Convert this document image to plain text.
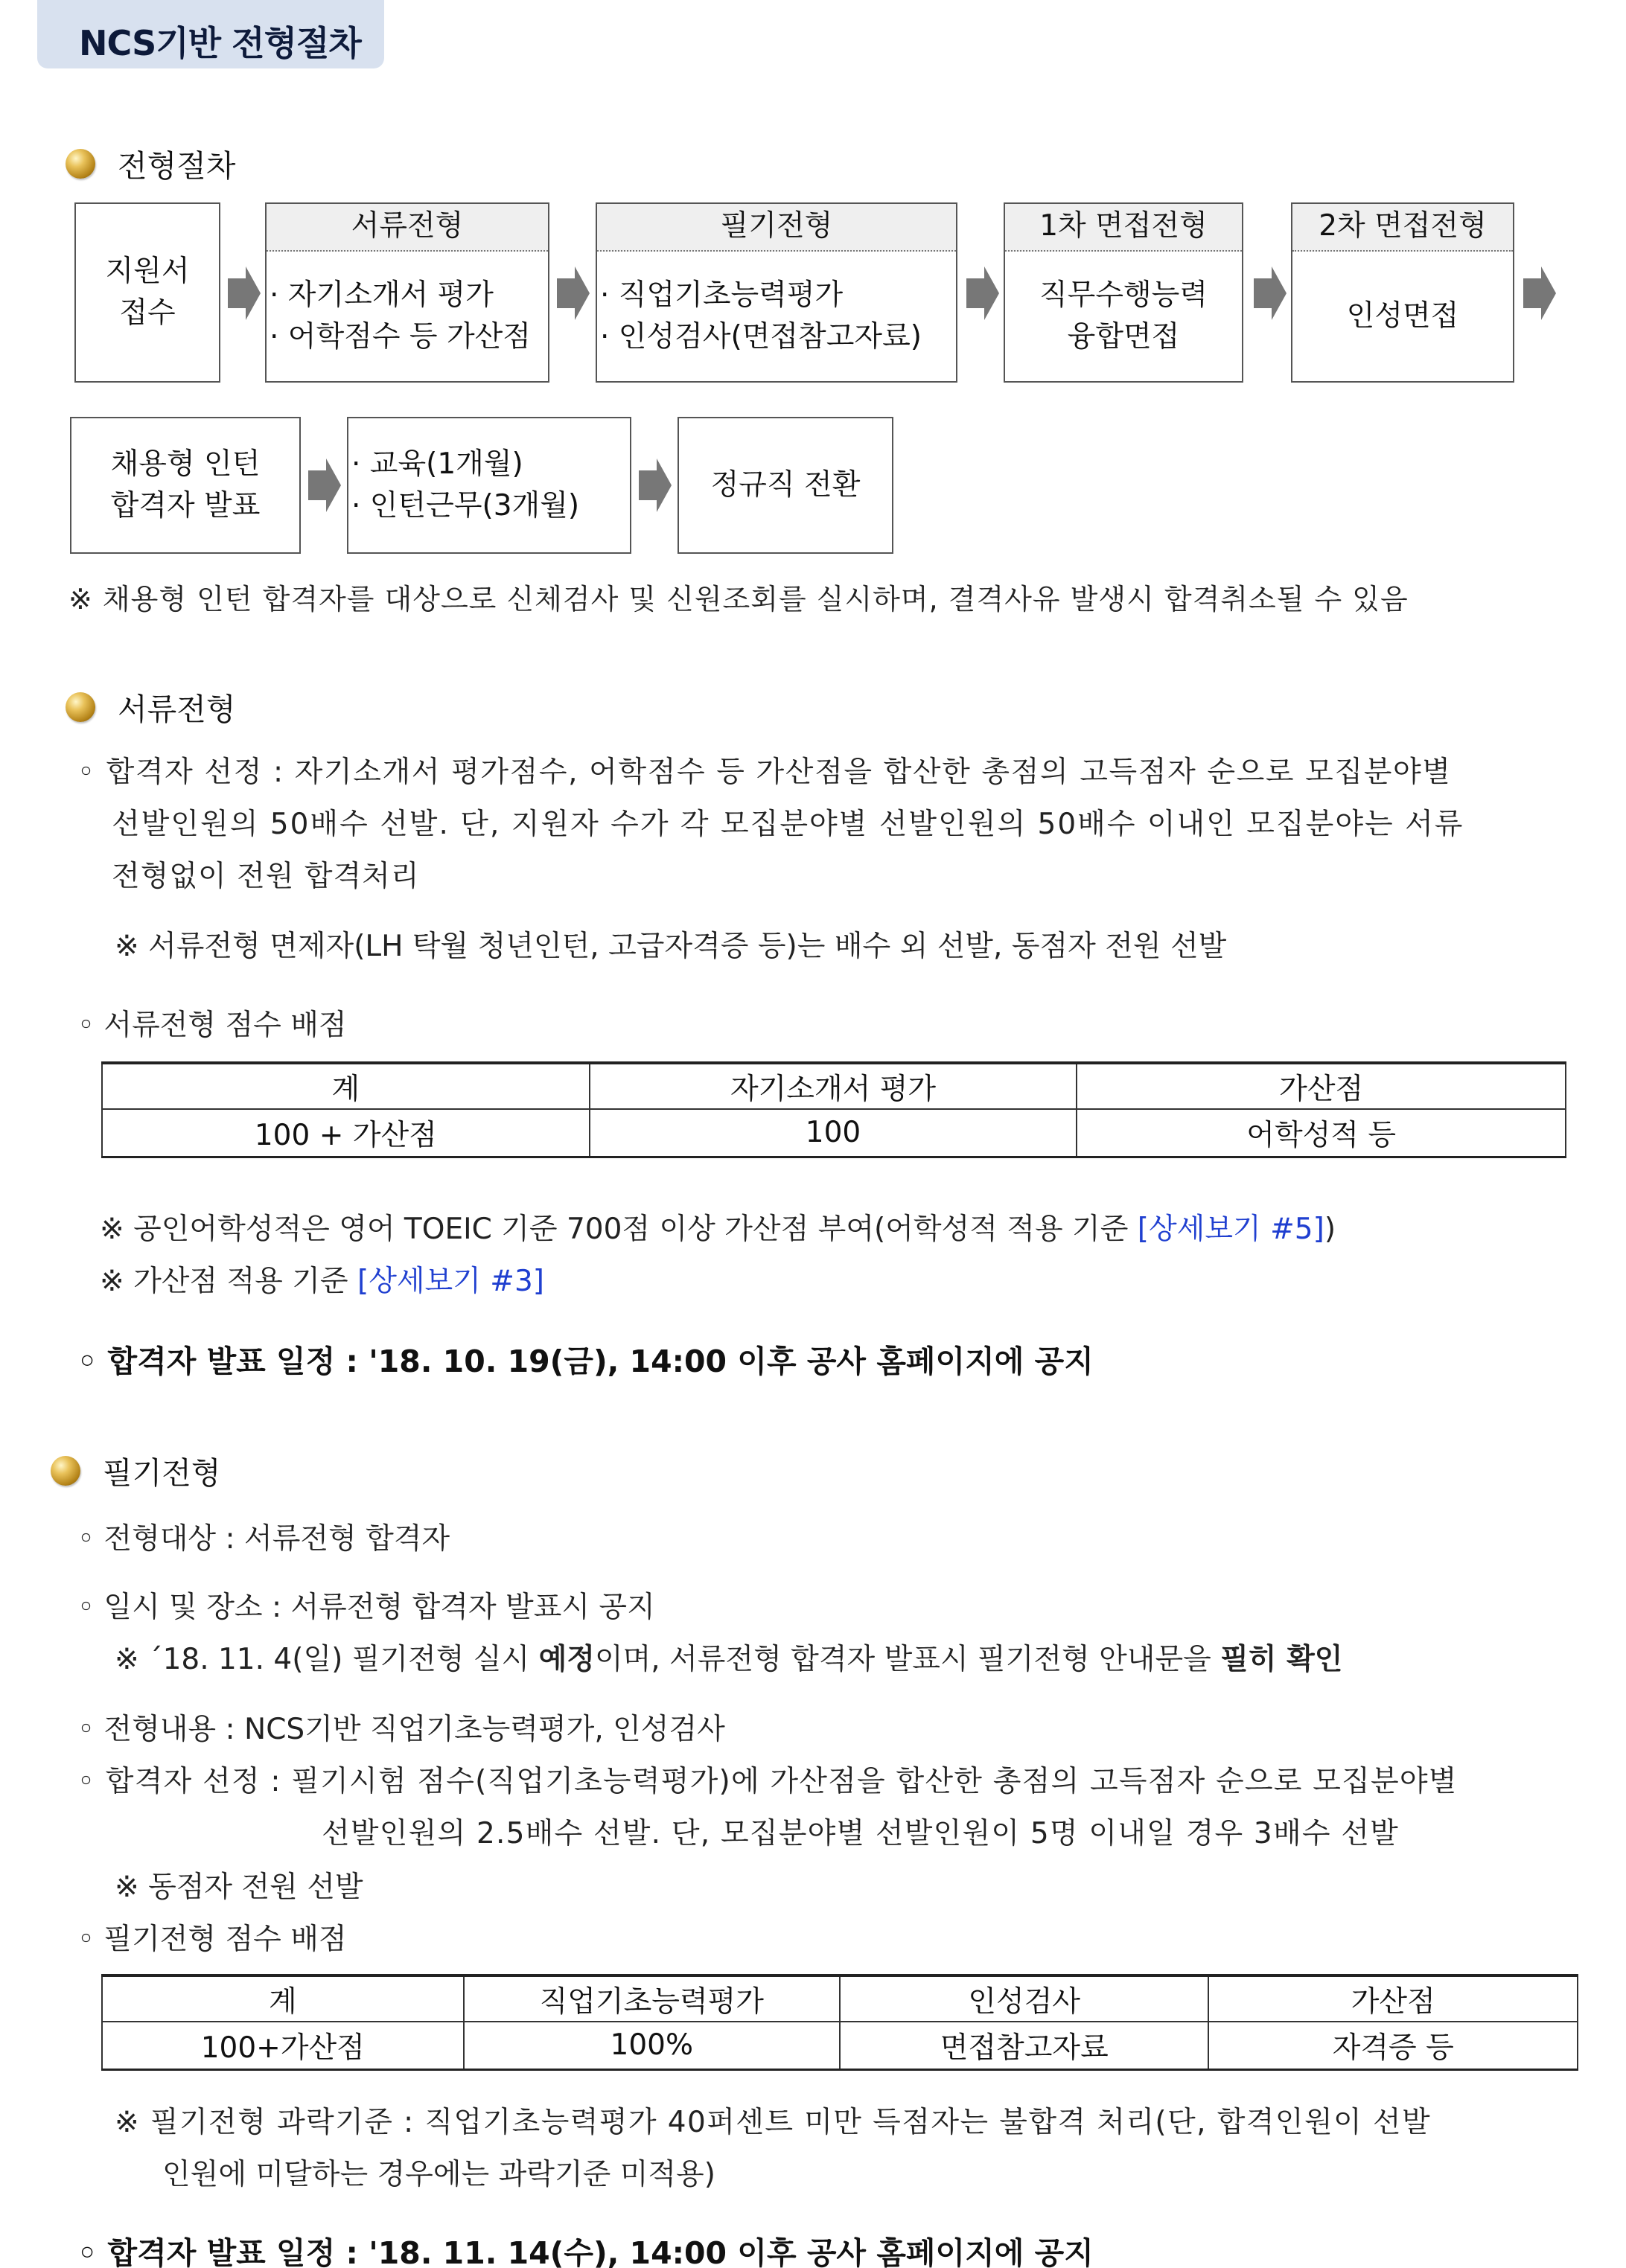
NCS기반 전형절차
전형절차
지원서
접수
서류전형
· 자기소개서 평가
· 어학점수 등 가산점
필기전형
· 직업기초능력평가
· 인성검사(면접참고자료)
1차 면접전형
직무수행능력
융합면접
2차 면접전형
인성면접
채용형 인턴
합격자 발표
· 교육(1개월)
· 인턴근무(3개월)
정규직 전환
※ 채용형 인턴 합격자를 대상으로 신체검사 및 신원조회를 실시하며, 결격사유 발생시 합격취소될 수 있음
서류전형
◦ 합격자 선정 : 자기소개서 평가점수, 어학점수 등 가산점을 합산한 총점의 고득점자 순으로 모집분야별
선발인원의 50배수 선발. 단, 지원자 수가 각 모집분야별 선발인원의 50배수 이내인 모집분야는 서류
전형없이 전원 합격처리
※ 서류전형 면제자(LH 탁월 청년인턴, 고급자격증 등)는 배수 외 선발, 동점자 전원 선발
◦ 서류전형 점수 배점
계	자기소개서 평가	가산점
100 + 가산점	100	어학성적 등
※ 공인어학성적은 영어 TOEIC 기준 700점 이상 가산점 부여(어학성적 적용 기준 [상세보기 #5])
※ 가산점 적용 기준 [상세보기 #3]
◦ 합격자 발표 일정 : '18. 10. 19(금), 14:00 이후 공사 홈페이지에 공지
필기전형
◦ 전형대상 : 서류전형 합격자
◦ 일시 및 장소 : 서류전형 합격자 발표시 공지
※ ´18. 11. 4(일) 필기전형 실시 예정이며, 서류전형 합격자 발표시 필기전형 안내문을 필히 확인
◦ 전형내용 : NCS기반 직업기초능력평가, 인성검사
◦ 합격자 선정 : 필기시험 점수(직업기초능력평가)에 가산점을 합산한 총점의 고득점자 순으로 모집분야별
선발인원의 2.5배수 선발. 단, 모집분야별 선발인원이 5명 이내일 경우 3배수 선발
※ 동점자 전원 선발
◦ 필기전형 점수 배점
계	직업기초능력평가	인성검사	가산점
100+가산점	100%	면접참고자료	자격증 등
※ 필기전형 과락기준 : 직업기초능력평가 40퍼센트 미만 득점자는 불합격 처리(단, 합격인원이 선발
인원에 미달하는 경우에는 과락기준 미적용)
◦ 합격자 발표 일정 : '18. 11. 14(수), 14:00 이후 공사 홈페이지에 공지
